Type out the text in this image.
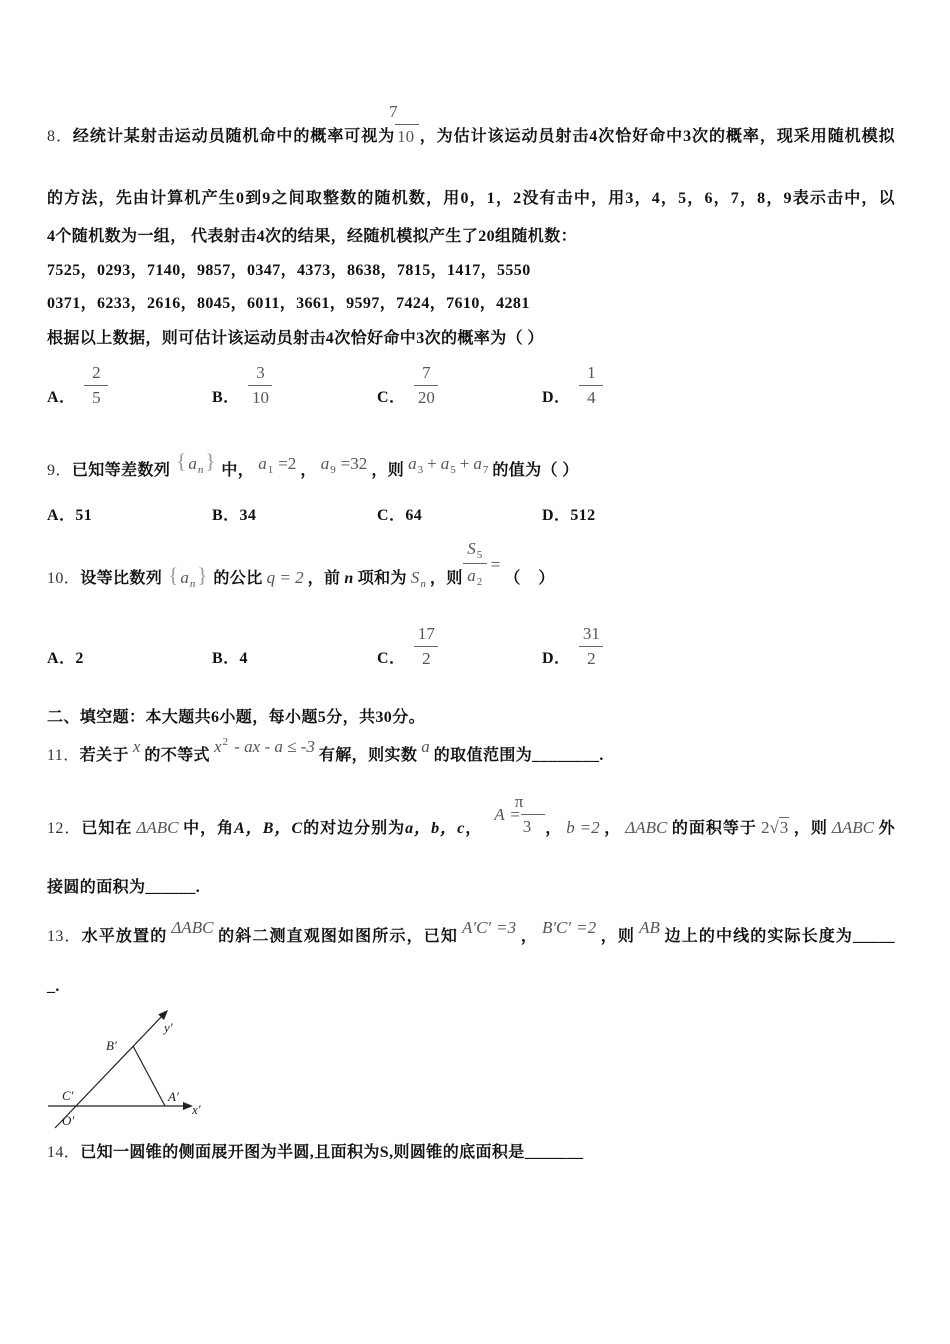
8．经统计某射击运动员随机命中的概率可视为 $\frac{7}{10}$，为估计该运动员射击4次恰好命中3次的概率，现采用随机模拟
的方法，先由计算机产生0到9之间取整数的随机数，用0，1，2没有击中，用3，4，5，6，7，8，9表示击中，以
4个随机数为一组， 代表射击4次的结果，经随机模拟产生了20组随机数：
7525，0293，7140，9857，0347，4373，8638，7815，1417，5550
0371，6233，2616，8045，6011，3661，9597，7424，7610，4281
根据以上数据，则可估计该运动员射击4次恰好命中3次的概率为（ ）
A． $\frac{2}{5}$	B． $\frac{3}{10}$	C． $\frac{7}{20}$	D． $\frac{1}{4}$
9．已知等差数列 { $a_n$} 中， $a_1 =2$ ， $a_9 =32$ ，则 $a_3 + a_5 + a_7$ 的值为（ ）
A．51	B．34	C．64	D．512
10．设等比数列 { $a_n$} 的公比 q = 2 ，前 n 项和为 $S_n$ ，则
$S_5$
$a_2=$（    ）
A．2	B．4	C． $\frac{17}{2}$	D． $\frac{31}{2}$
二、填空题：本大题共6小题，每小题5分，共30分。
11．若关于 x 的不等式 $x^2$ - ax - a ≤ -3 有解，则实数 a 的取值范围为________.
12．已知在 ΔABC 中，角A，B，C的对边分别为a，b，c，A =
$\frac{\pi}{3}$， b =2 ， ΔABC 的面积等于 2√3 ，则 ΔABC 外
接圆的面积为______.
13．水平放置的 ΔABC 的斜二测直观图如图所示，已知 A′C′ =3 ， B′C′ =2 ，则 AB 边上的中线的实际长度为_____
_.
B′
y′
C′
O′
A′
x′
14．已知一圆锥的侧面展开图为半圆,且面积为S,则圆锥的底面积是_______
